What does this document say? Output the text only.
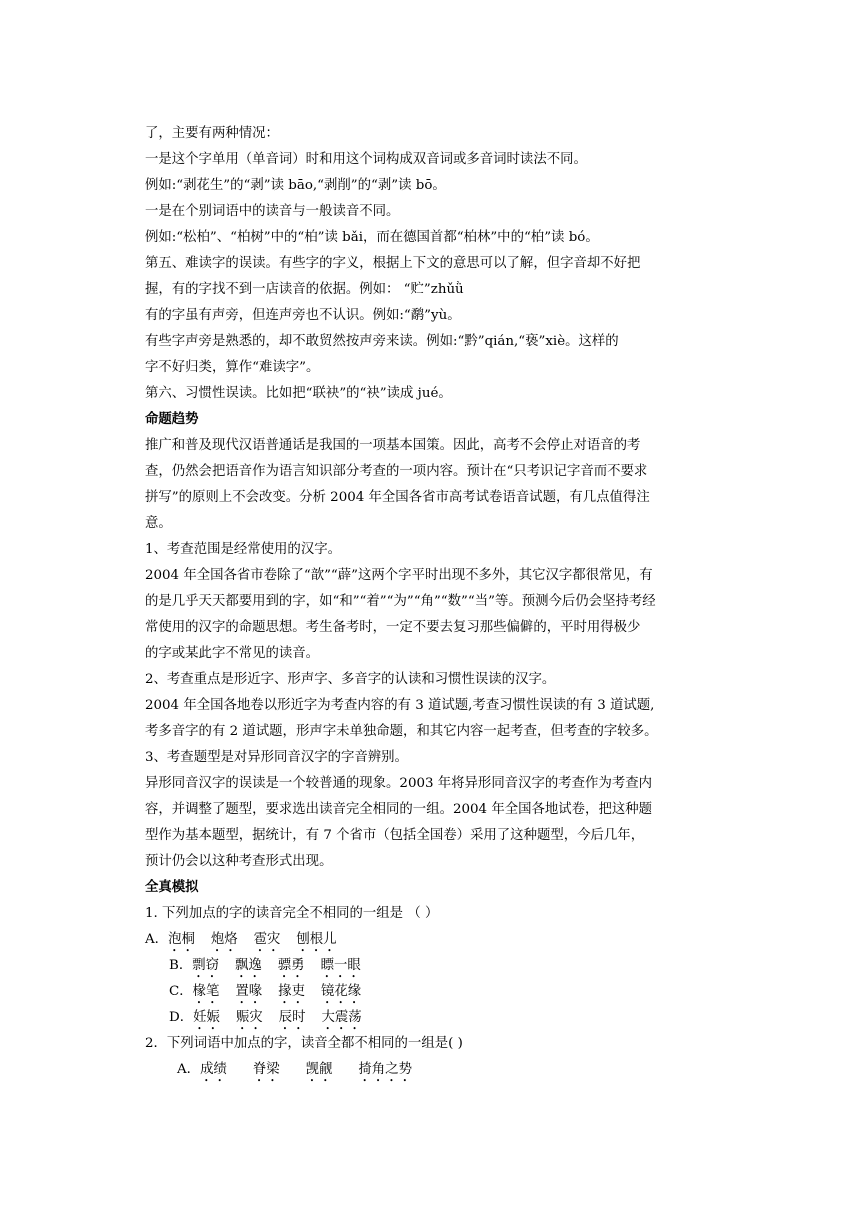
了，主要有两种情况：
一是这个字单用（单音词）时和用这个词构成双音词或多音词时读法不同。
例如:“剥花生”的“剥”读 bāo,“剥削”的“剥”读 bō。
一是在个别词语中的读音与一般读音不同。
例如:“松柏”、“柏树”中的“柏”读 bǎi，而在德国首都“柏林”中的“柏”读 bó。
第五、难读字的误读。有些字的字义，根据上下文的意思可以了解，但字音却不好把
握，有的字找不到一店读音的依据。例如： “贮”zhǔǜ
有的字虽有声旁，但连声旁也不认识。例如:“鹬”yù。
有些字声旁是熟悉的，却不敢贸然按声旁来读。例如:“黔”qián,“亵”xiè。这样的
字不好归类，算作“难读字”。
第六、习惯性误读。比如把“联袂”的“袂”读成 jué。
命题趋势
推广和普及现代汉语普通话是我国的一项基本国策。因此，高考不会停止对语音的考
查，仍然会把语音作为语言知识部分考查的一项内容。预计在“只考识记字音而不要求
拼写”的原则上不会改变。分析 2004 年全国各省市高考试卷语音试题，有几点值得注
意。
1、考查范围是经常使用的汉字。
2004 年全国各省市卷除了“歆”“薜”这两个字平时出现不多外，其它汉字都很常见，有
的是几乎天天都要用到的字，如“和”“着”“为”“角”“数”“当”等。预测今后仍会坚持考经
常使用的汉字的命题思想。考生备考时，一定不要去复习那些偏僻的，平时用得极少
的字或某此字不常见的读音。
2、考查重点是形近字、形声字、多音字的认读和习惯性误读的汉字。
2004 年全国各地卷以形近字为考查内容的有 3 道试题,考查习惯性误读的有 3 道试题,
考多音字的有 2 道试题，形声字未单独命题，和其它内容一起考查，但考查的字较多。
3、考查题型是对异形同音汉字的字音辨别。
异形同音汉字的误读是一个较普通的现象。2003 年将异形同音汉字的考查作为考查内
容，并调整了题型，要求选出读音完全相同的一组。2004 年全国各地试卷，把这种题
型作为基本题型，据统计，有 7 个省市（包括全国卷）采用了这种题型，今后几年，
预计仍会以这种考查形式出现。
全真模拟
1. 下列加点的字的读音完全不相同的一组是 （ ）
A．泡桐 炮烙 雹灾 刨根儿
B．剽窃 飘逸 骠勇 瞟一眼
C．椽笔 置喙 掾吏 镜花缘
D．妊娠 赈灾 辰时 大震荡
2．下列词语中加点的字，读音全都不相同的一组是( )
A．成绩 脊梁 觊觎 掎角之势
